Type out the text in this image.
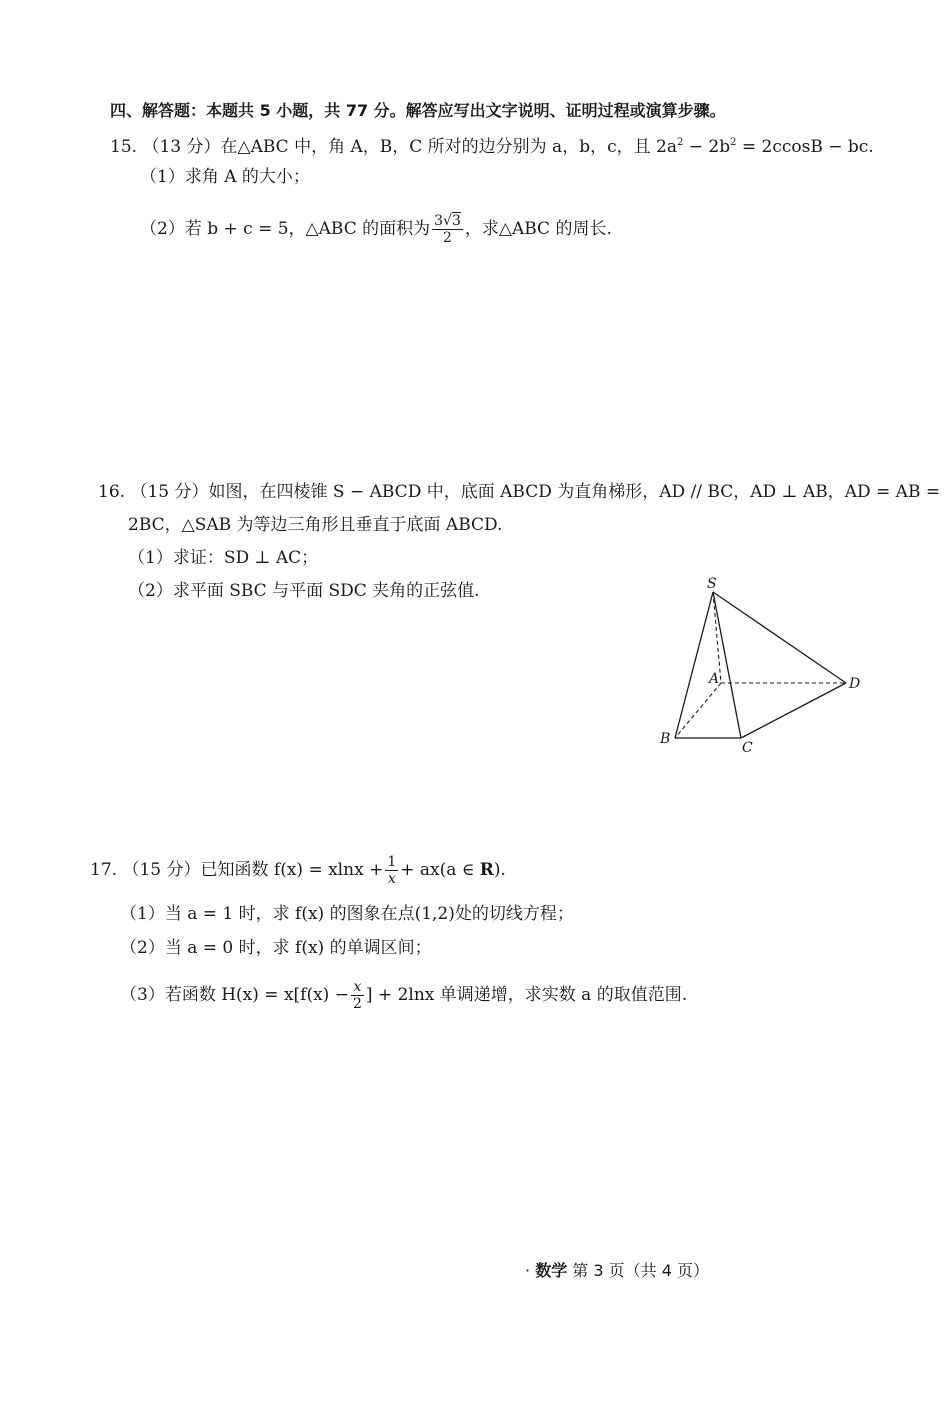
四、解答题：本题共 5 小题，共 77 分。解答应写出文字说明、证明过程或演算步骤。
15. （13 分）在△ABC 中，角 A，B，C 所对的边分别为 a，b，c，且 $2a^2 - 2b^2 = 2ccosB$ − bc.
（1）求角 A 的大小；
（2）若 b + c = 5，△ABC 的面积为 $\frac{3√3}{2}$ ，求△ABC 的周长.
16. （15 分）如图，在四棱锥 S − ABCD 中，底面 ABCD 为直角梯形，AD // BC，AD ⊥ AB，AD = AB =
2BC，△SAB 为等边三角形且垂直于底面 ABCD.
（1）求证：SD ⊥ AC；
（2）求平面 SBC 与平面 SDC 夹角的正弦值.	S
A
B
C
D
17. （15 分）已知函数 $f(x) = xlnx + \frac{1}{x} + ax(a$ ∈ R).
（1）当 a = 1 时，求 f(x) 的图象在点(1,2)处的切线方程；
（2）当 a = 0 时，求 f(x) 的单调区间；
（3）若函数 $H(x) = x[f(x) - \frac{x}{2}$ ] + 2lnx 单调递增，求实数 a 的取值范围.
· 数学 第 3 页（共 4 页）
